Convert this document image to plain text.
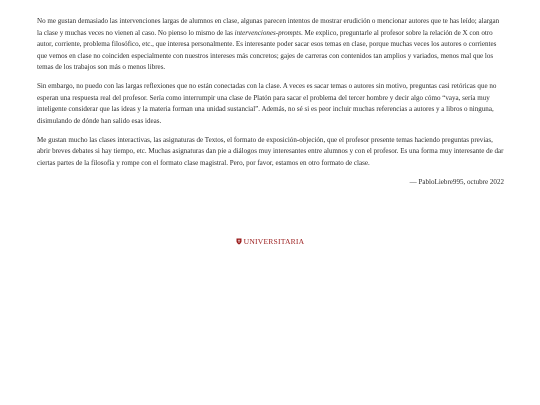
No me gustan demasiado las intervenciones largas de alumnos en clase, algunas parecen intentos de mostrar erudición o mencionar autores que te has leído; alargan la clase y muchas veces no vienen al caso. No pienso lo mismo de las intervenciones-prompts. Me explico, preguntarle al profesor sobre la relación de X con otro autor, corriente, problema filosófico, etc., que interesa personalmente. Es interesante poder sacar esos temas en clase, porque muchas veces los autores o corrientes que vemos en clase no coinciden especialmente con nuestros intereses más concretos; gajes de carreras con contenidos tan amplios y variados, menos mal que los temas de los trabajos son más o menos libres.

Sin embargo, no puedo con las largas reflexiones que no están conectadas con la clase. A veces es sacar temas o autores sin motivo, preguntas casi retóricas que no esperan una respuesta real del profesor. Sería como interrumpir una clase de Platón para sacar el problema del tercer hombre y decir algo cómo “vaya, sería muy inteligente considerar que las ideas y la materia forman una unidad sustancial”. Además, no sé si es peor incluir muchas referencias a autores y a libros o ninguna, disimulando de dónde han salido esas ideas.

Me gustan mucho las clases interactivas, las asignaturas de Textos, el formato de exposición-objeción, que el profesor presente temas haciendo preguntas previas, abrir breves debates si hay tiempo, etc. Muchas asignaturas dan pie a diálogos muy interesantes entre alumnos y con el profesor. Es una forma muy interesante de dar ciertas partes de la filosofía y rompe con el formato clase magistral. Pero, por favor, estamos en otro formato de clase.

— PabloLiebre995, octubre 2022
UNIVERSITARIA
